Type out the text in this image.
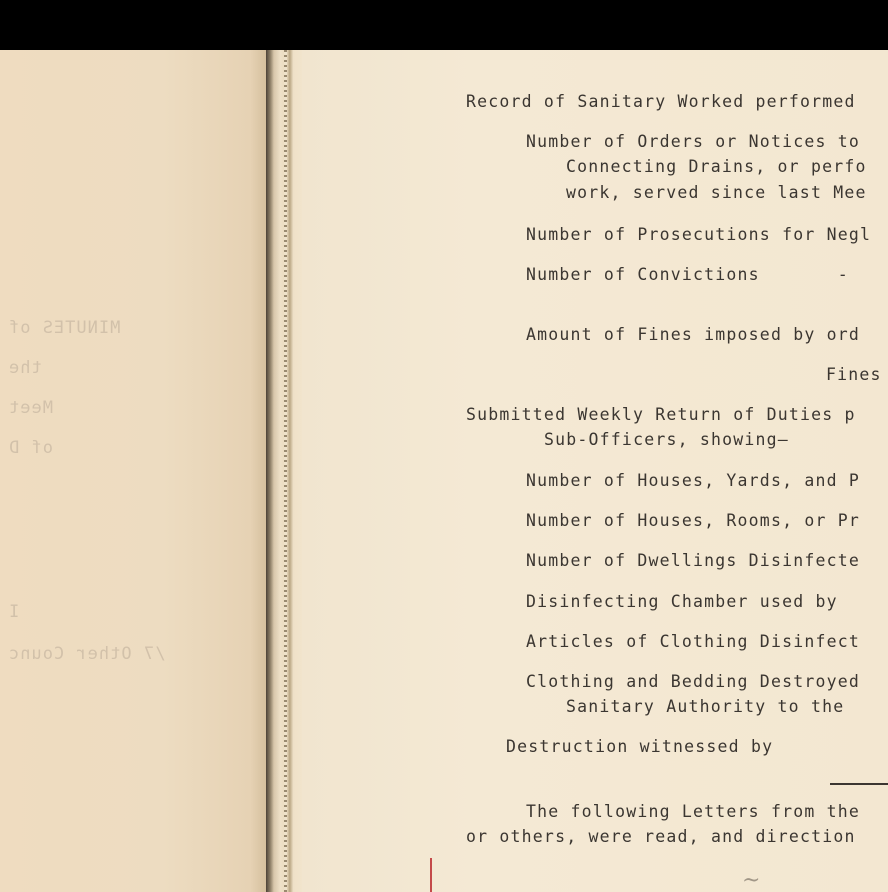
MINUTES of
the
Meet
of D
I
/7 Other Counc
Record of Sanitary Worked performed
Number of Orders or Notices to
Connecting Drains, or perfo
work, served since last Mee
Number of Prosecutions for Negl
Number of Convictions       -
Amount of Fines imposed by ord
Fines
Submitted Weekly Return of Duties p
Sub-Officers, showing—
Number of Houses, Yards, and P
Number of Houses, Rooms, or Pr
Number of Dwellings Disinfecte
Disinfecting Chamber used by
Articles of Clothing Disinfect
Clothing and Bedding Destroyed
Sanitary Authority to the
Destruction witnessed by
The following Letters from the
or others, were read, and direction
~
